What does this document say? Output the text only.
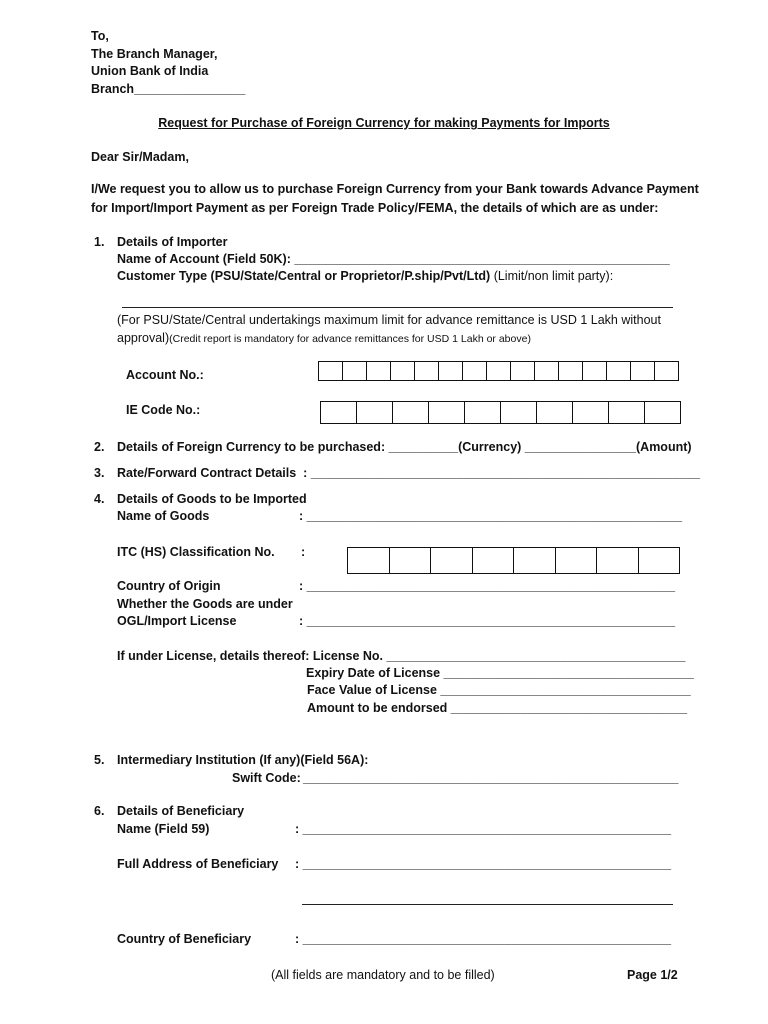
To,
The Branch Manager,
Union Bank of India
Branch________________
Request for Purchase of Foreign Currency for making Payments for Imports
Dear Sir/Madam,
I/We request you to allow us to purchase Foreign Currency from your Bank towards Advance Payment
for Import/Import Payment as per Foreign Trade Policy/FEMA, the details of which are as under:
1. Details of Importer
Name of Account (Field 50K): ______________________________________________________
Customer Type (PSU/State/Central or Proprietor/P.ship/Pvt/Ltd) (Limit/non limit party):
(For PSU/State/Central undertakings maximum limit for advance remittance is USD 1 Lakh without
approval)(Credit report is mandatory for advance remittances for USD 1 Lakh or above)
Account No.:
IE Code No.:
2. Details of Foreign Currency to be purchased: __________(Currency) ________________(Amount)
3. Rate/Forward Contract Details  : ________________________________________________________
4. Details of Goods to be Imported
Name of Goods	: ______________________________________________________
ITC (HS) Classification No. :
Country of Origin	: _____________________________________________________
Whether the Goods are under
OGL/Import License	: _____________________________________________________
If under License, details thereof: License No. ___________________________________________
Expiry Date of License ____________________________________
Face Value of License ____________________________________
Amount to be endorsed __________________________________
5. Intermediary Institution (If any)(Field 56A):
Swift Code: ______________________________________________________
6. Details of Beneficiary
Name (Field 59)	: _____________________________________________________
Full Address of Beneficiary : _____________________________________________________
Country of Beneficiary	: _____________________________________________________
(All fields are mandatory and to be filled)	Page 1/2
